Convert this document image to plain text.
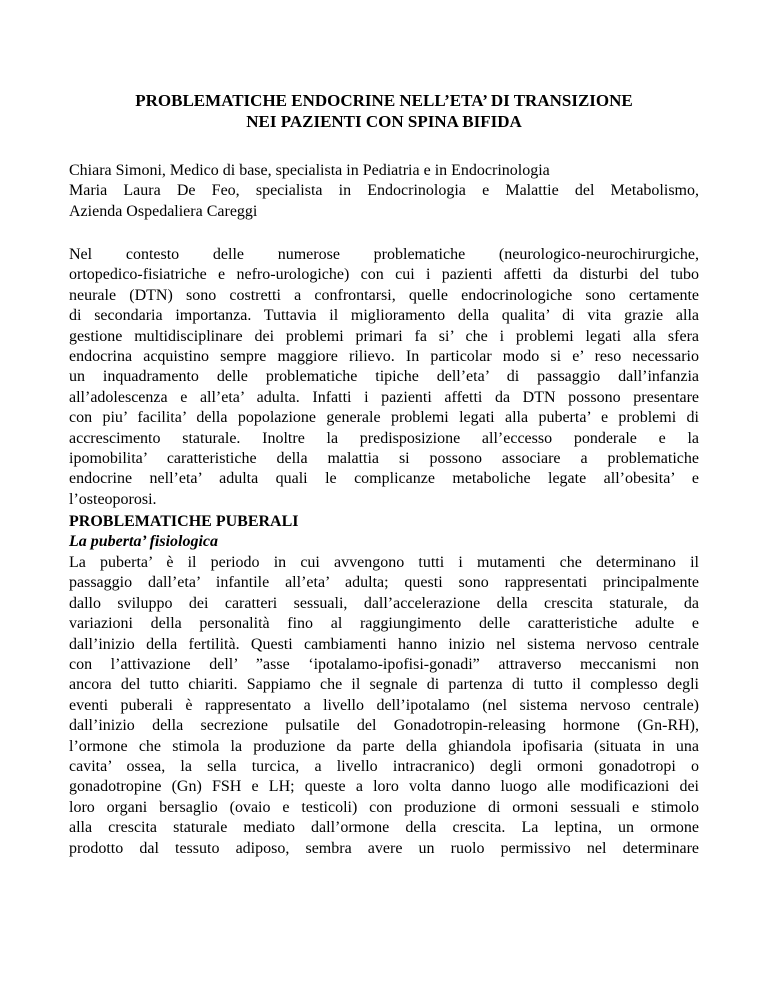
PROBLEMATICHE ENDOCRINE NELL’ETA’ DI TRANSIZIONE
NEI PAZIENTI CON SPINA BIFIDA
Chiara Simoni, Medico di base, specialista in Pediatria e in Endocrinologia
Maria Laura De Feo, specialista in Endocrinologia e Malattie del Metabolismo,
Azienda Ospedaliera Careggi
Nel contesto delle numerose problematiche (neurologico-neurochirurgiche,
ortopedico-fisiatriche e nefro-urologiche) con cui i pazienti affetti da disturbi del tubo
neurale (DTN) sono costretti a confrontarsi, quelle endocrinologiche sono certamente
di secondaria importanza. Tuttavia il miglioramento della qualita’ di vita grazie alla
gestione multidisciplinare dei problemi primari fa si’ che i problemi legati alla sfera
endocrina acquistino sempre maggiore rilievo. In particolar modo si e’ reso necessario
un inquadramento delle problematiche tipiche dell’eta’ di passaggio dall’infanzia
all’adolescenza e all’eta’ adulta. Infatti i pazienti affetti da DTN possono presentare
con piu’ facilita’ della popolazione generale problemi legati alla puberta’ e problemi di
accrescimento staturale. Inoltre la predisposizione all’eccesso ponderale e la
ipomobilita’ caratteristiche della malattia si possono associare a problematiche
endocrine nell’eta’ adulta quali le complicanze metaboliche legate all’obesita’ e
l’osteoporosi.
PROBLEMATICHE PUBERALI
La puberta’ fisiologica
La puberta’ è il periodo in cui avvengono tutti i mutamenti che determinano il
passaggio dall’eta’ infantile all’eta’ adulta; questi sono rappresentati principalmente
dallo sviluppo dei caratteri sessuali, dall’accelerazione della crescita staturale, da
variazioni della personalità fino al raggiungimento delle caratteristiche adulte e
dall’inizio della fertilità. Questi cambiamenti hanno inizio nel sistema nervoso centrale
con l’attivazione dell’ ”asse ‘ipotalamo-ipofisi-gonadi” attraverso meccanismi non
ancora del tutto chiariti. Sappiamo che il segnale di partenza di tutto il complesso degli
eventi puberali è rappresentato a livello dell’ipotalamo (nel sistema nervoso centrale)
dall’inizio della secrezione pulsatile del Gonadotropin-releasing hormone (Gn-RH),
l’ormone che stimola la produzione da parte della ghiandola ipofisaria (situata in una
cavita’ ossea, la sella turcica, a livello intracranico) degli ormoni gonadotropi o
gonadotropine (Gn) FSH e LH; queste a loro volta danno luogo alle modificazioni dei
loro organi bersaglio (ovaio e testicoli) con produzione di ormoni sessuali e stimolo
alla crescita staturale mediato dall’ormone della crescita. La leptina, un ormone
prodotto dal tessuto adiposo, sembra avere un ruolo permissivo nel determinare
